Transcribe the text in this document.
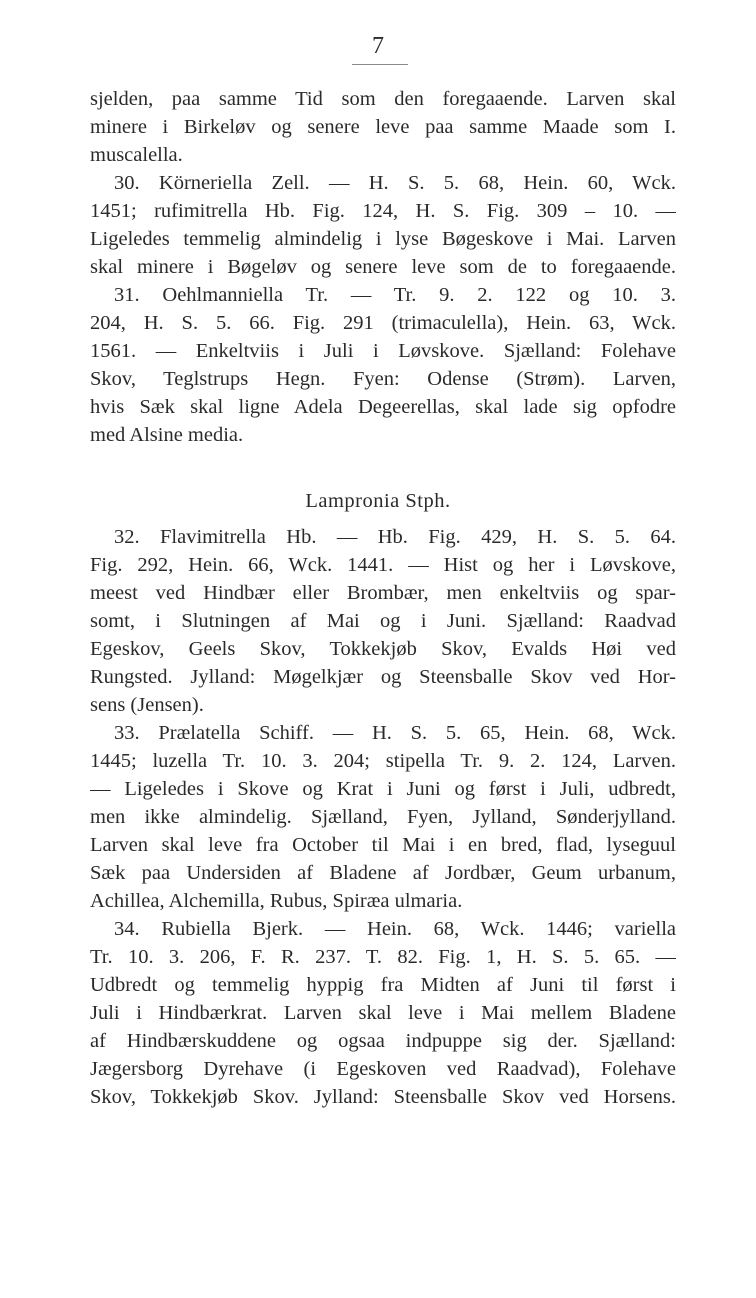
7
sjelden, paa samme Tid som den foregaaende. Larven skal
minere i Birkeløv og senere leve paa samme Maade som I.
muscalella.
30. Körneriella Zell. — H. S. 5. 68, Hein. 60, Wck.
1451; rufimitrella Hb. Fig. 124, H. S. Fig. 309 – 10. —
Ligeledes temmelig almindelig i lyse Bøgeskove i Mai. Larven
skal minere i Bøgeløv og senere leve som de to foregaaende.
31. Oehlmanniella Tr. — Tr. 9. 2. 122 og 10. 3.
204, H. S. 5. 66. Fig. 291 (trimaculella), Hein. 63, Wck.
1561. — Enkeltviis i Juli i Løvskove. Sjælland: Folehave
Skov, Teglstrups Hegn. Fyen: Odense (Strøm). Larven,
hvis Sæk skal ligne Adela Degeerellas, skal lade sig opfodre
med Alsine media.
Lampronia Stph.
32. Flavimitrella Hb. — Hb. Fig. 429, H. S. 5. 64.
Fig. 292, Hein. 66, Wck. 1441. — Hist og her i Løvskove,
meest ved Hindbær eller Brombær, men enkeltviis og spar-
somt, i Slutningen af Mai og i Juni. Sjælland: Raadvad
Egeskov, Geels Skov, Tokkekjøb Skov, Evalds Høi ved
Rungsted. Jylland: Møgelkjær og Steensballe Skov ved Hor-
sens (Jensen).
33. Prælatella Schiff. — H. S. 5. 65, Hein. 68, Wck.
1445; luzella Tr. 10. 3. 204; stipella Tr. 9. 2. 124, Larven.
— Ligeledes i Skove og Krat i Juni og først i Juli, udbredt,
men ikke almindelig. Sjælland, Fyen, Jylland, Sønderjylland.
Larven skal leve fra October til Mai i en bred, flad, lyseguul
Sæk paa Undersiden af Bladene af Jordbær, Geum urbanum,
Achillea, Alchemilla, Rubus, Spiræa ulmaria.
34. Rubiella Bjerk. — Hein. 68, Wck. 1446; variella
Tr. 10. 3. 206, F. R. 237. T. 82. Fig. 1, H. S. 5. 65. —
Udbredt og temmelig hyppig fra Midten af Juni til først i
Juli i Hindbærkrat. Larven skal leve i Mai mellem Bladene
af Hindbærskuddene og ogsaa indpuppe sig der. Sjælland:
Jægersborg Dyrehave (i Egeskoven ved Raadvad), Folehave
Skov, Tokkekjøb Skov. Jylland: Steensballe Skov ved Horsens.
